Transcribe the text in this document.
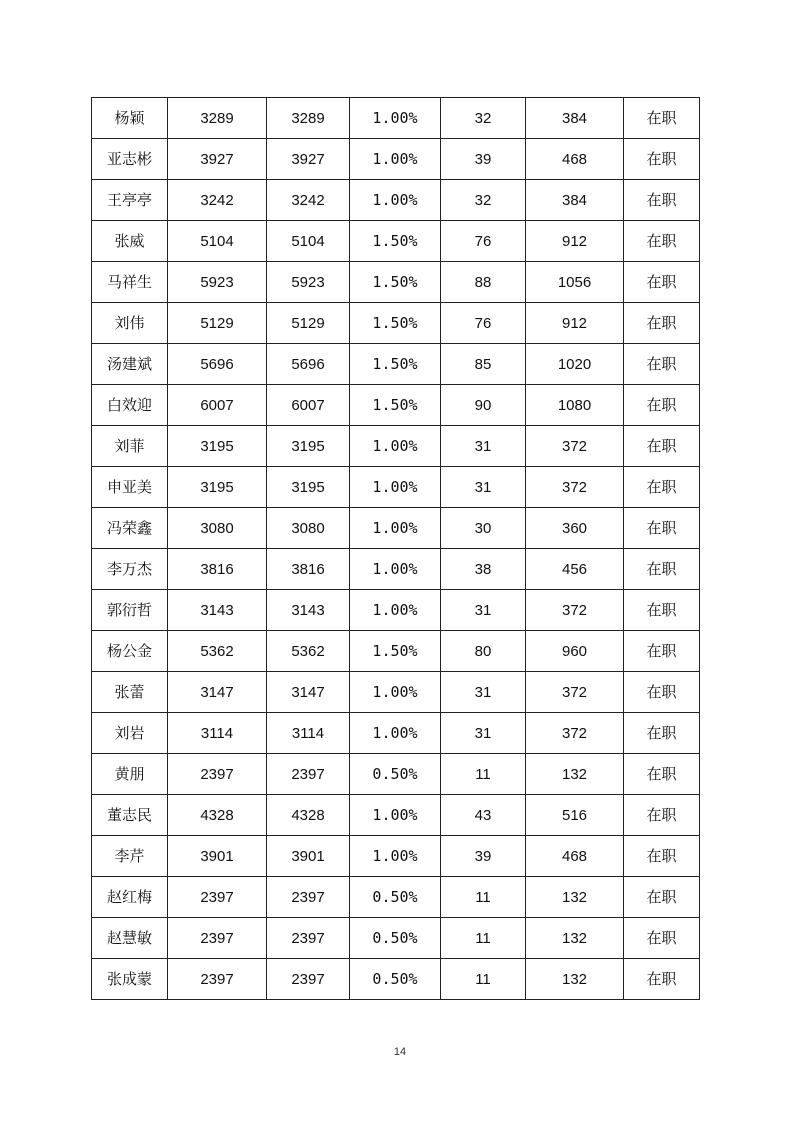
杨颖	3289	3289	1.00%	32	384	在职
亚志彬	3927	3927	1.00%	39	468	在职
王亭亭	3242	3242	1.00%	32	384	在职
张威	5104	5104	1.50%	76	912	在职
马祥生	5923	5923	1.50%	88	1056	在职
刘伟	5129	5129	1.50%	76	912	在职
汤建斌	5696	5696	1.50%	85	1020	在职
白效迎	6007	6007	1.50%	90	1080	在职
刘菲	3195	3195	1.00%	31	372	在职
申亚美	3195	3195	1.00%	31	372	在职
冯荣鑫	3080	3080	1.00%	30	360	在职
李万杰	3816	3816	1.00%	38	456	在职
郭衍哲	3143	3143	1.00%	31	372	在职
杨公金	5362	5362	1.50%	80	960	在职
张蕾	3147	3147	1.00%	31	372	在职
刘岩	3114	3114	1.00%	31	372	在职
黄朋	2397	2397	0.50%	11	132	在职
董志民	4328	4328	1.00%	43	516	在职
李芹	3901	3901	1.00%	39	468	在职
赵红梅	2397	2397	0.50%	11	132	在职
赵慧敏	2397	2397	0.50%	11	132	在职
张成蒙	2397	2397	0.50%	11	132	在职
14
